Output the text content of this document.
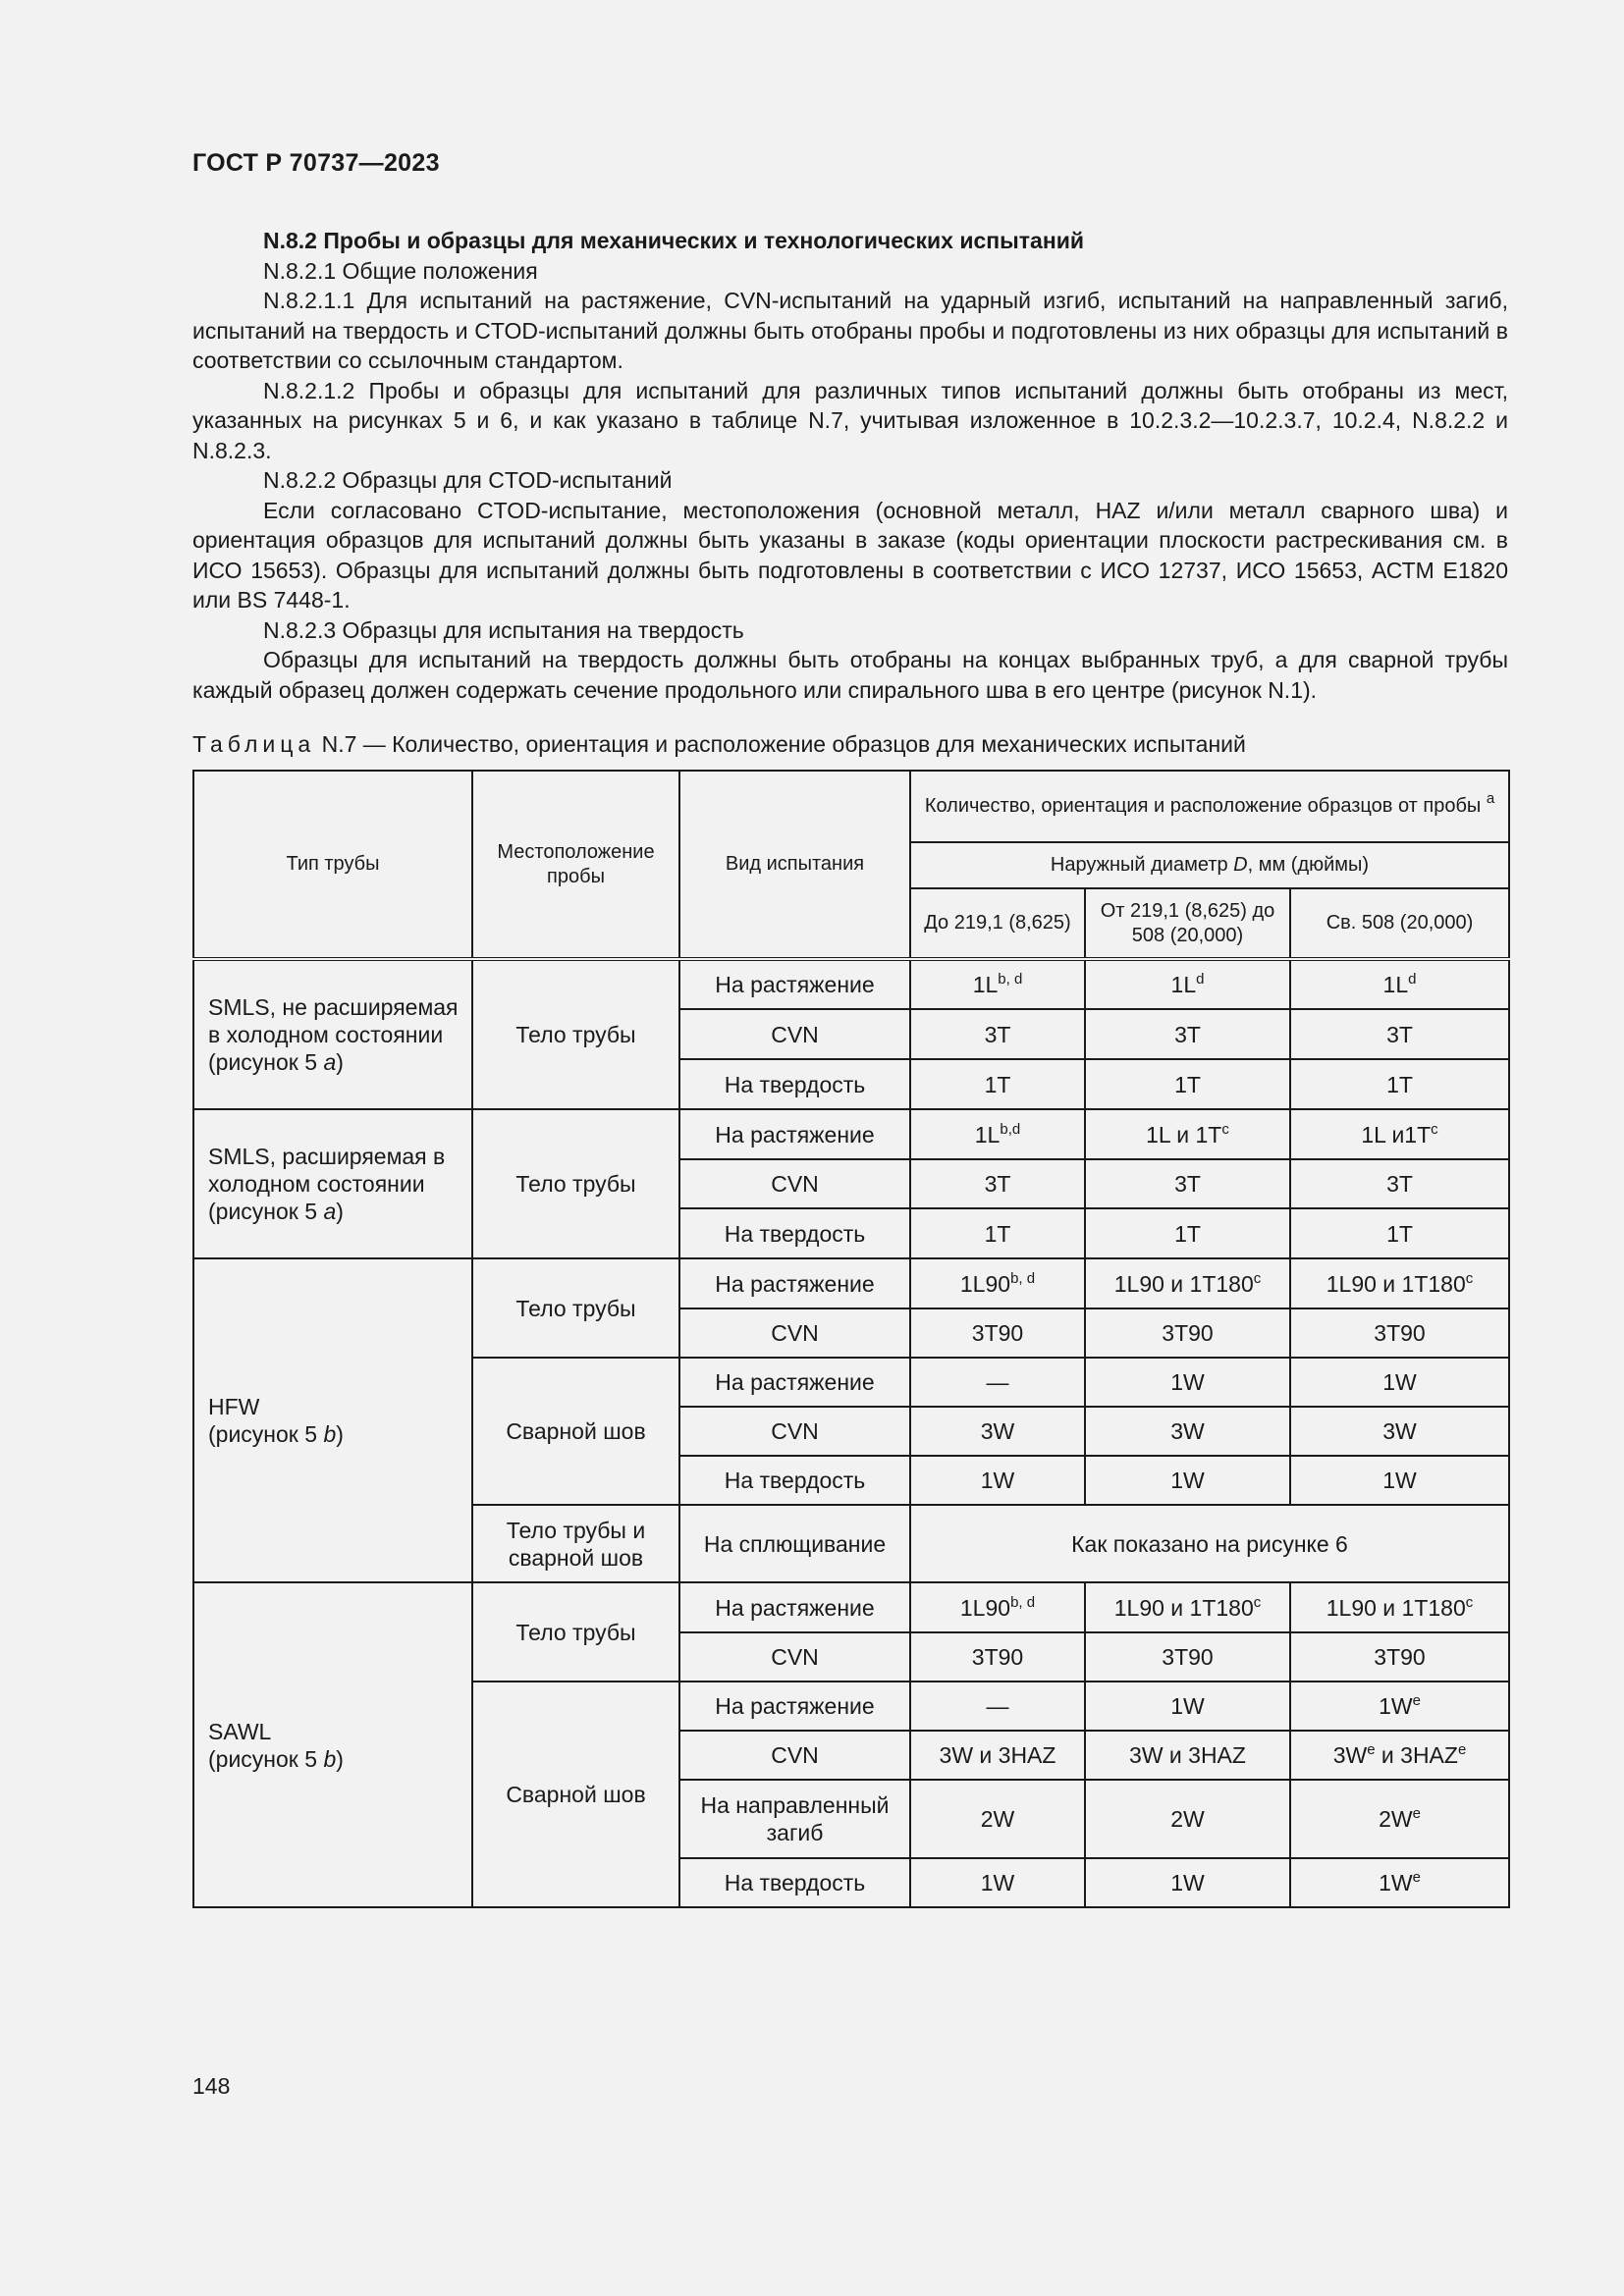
ГОСТ Р 70737—2023

N.8.2 Пробы и образцы для механических и технологических испытаний

N.8.2.1 Общие положения

N.8.2.1.1 Для испытаний на растяжение, CVN-испытаний на ударный изгиб, испытаний на направленный загиб, испытаний на твердость и CTOD-испытаний должны быть отобраны пробы и подготовлены из них образцы для испытаний в соответствии со ссылочным стандартом.

N.8.2.1.2 Пробы и образцы для испытаний для различных типов испытаний должны быть отобраны из мест, указанных на рисунках 5 и 6, и как указано в таблице N.7, учитывая изложенное в 10.2.3.2—10.2.3.7, 10.2.4, N.8.2.2 и N.8.2.3.

N.8.2.2 Образцы для CTOD-испытаний

Если согласовано CTOD-испытание, местоположения (основной металл, HAZ и/или металл сварного шва) и ориентация образцов для испытаний должны быть указаны в заказе (коды ориентации плоскости растрескивания см. в ИСО 15653). Образцы для испытаний должны быть подготовлены в соответствии с ИСО 12737, ИСО 15653, АСТМ Е1820 или BS 7448-1.

N.8.2.3 Образцы для испытания на твердость

Образцы для испытаний на твердость должны быть отобраны на концах выбранных труб, а для сварной трубы каждый образец должен содержать сечение продольного или спирального шва в его центре (рисунок N.1).

Таблица N.7 — Количество, ориентация и расположение образцов для механических испытаний
Тип трубы	Местоположение пробы	Вид испытания	Количество, ориентация и расположение образцов от пробы $^a$
			Наружный диаметр D, мм (дюймы)		
			До 219,1 (8,625)	От 219,1 (8,625) до 508 (20,000)	Св. 508 (20,000)
SMLS, не расширяемая в холодном состоянии (рисунок 5 a)	Тело трубы	На растяжение	$1L^{b, d}$	$1L^d$	$1L^d$
		CVN	3T	3T	3T
		На твердость	1T	1T	1T
SMLS, расширяемая в холодном состоянии (рисунок 5 a)	Тело трубы	На растяжение	$1L^{b,d}$	1L и $1T^c$	1L $и1T^c$
		CVN	3T	3T	3T
		На твердость	1T	1T	1T
HFW
(рисунок 5 b)	Тело трубы	На растяжение	1L90$^{b, d}$	1L90 и 1T180$^c$	1L90 и 1T180$^c$
		CVN	3T90	3T90	3T90
	Сварной шов	На растяжение	—	1W	1W
		CVN	3W	3W	3W
		На твердость	1W	1W	1W
	Тело трубы и сварной шов	На сплющивание	Как показано на рисунке 6		
SAWL
(рисунок 5 b)	Тело трубы	На растяжение	1L90$^{b, d}$	1L90 и 1T180$^c$	1L90 и 1T180$^c$
		CVN	3T90	3T90	3T90
	Сварной шов	На растяжение	—	1W	$1W^e$
		CVN	3W и 3HAZ	3W и 3HAZ	$3W^e$ и 3HAZ$^e$
		На направленный загиб	2W	2W	$2W^e$
		На твердость	1W	1W	$1W^e$
148
